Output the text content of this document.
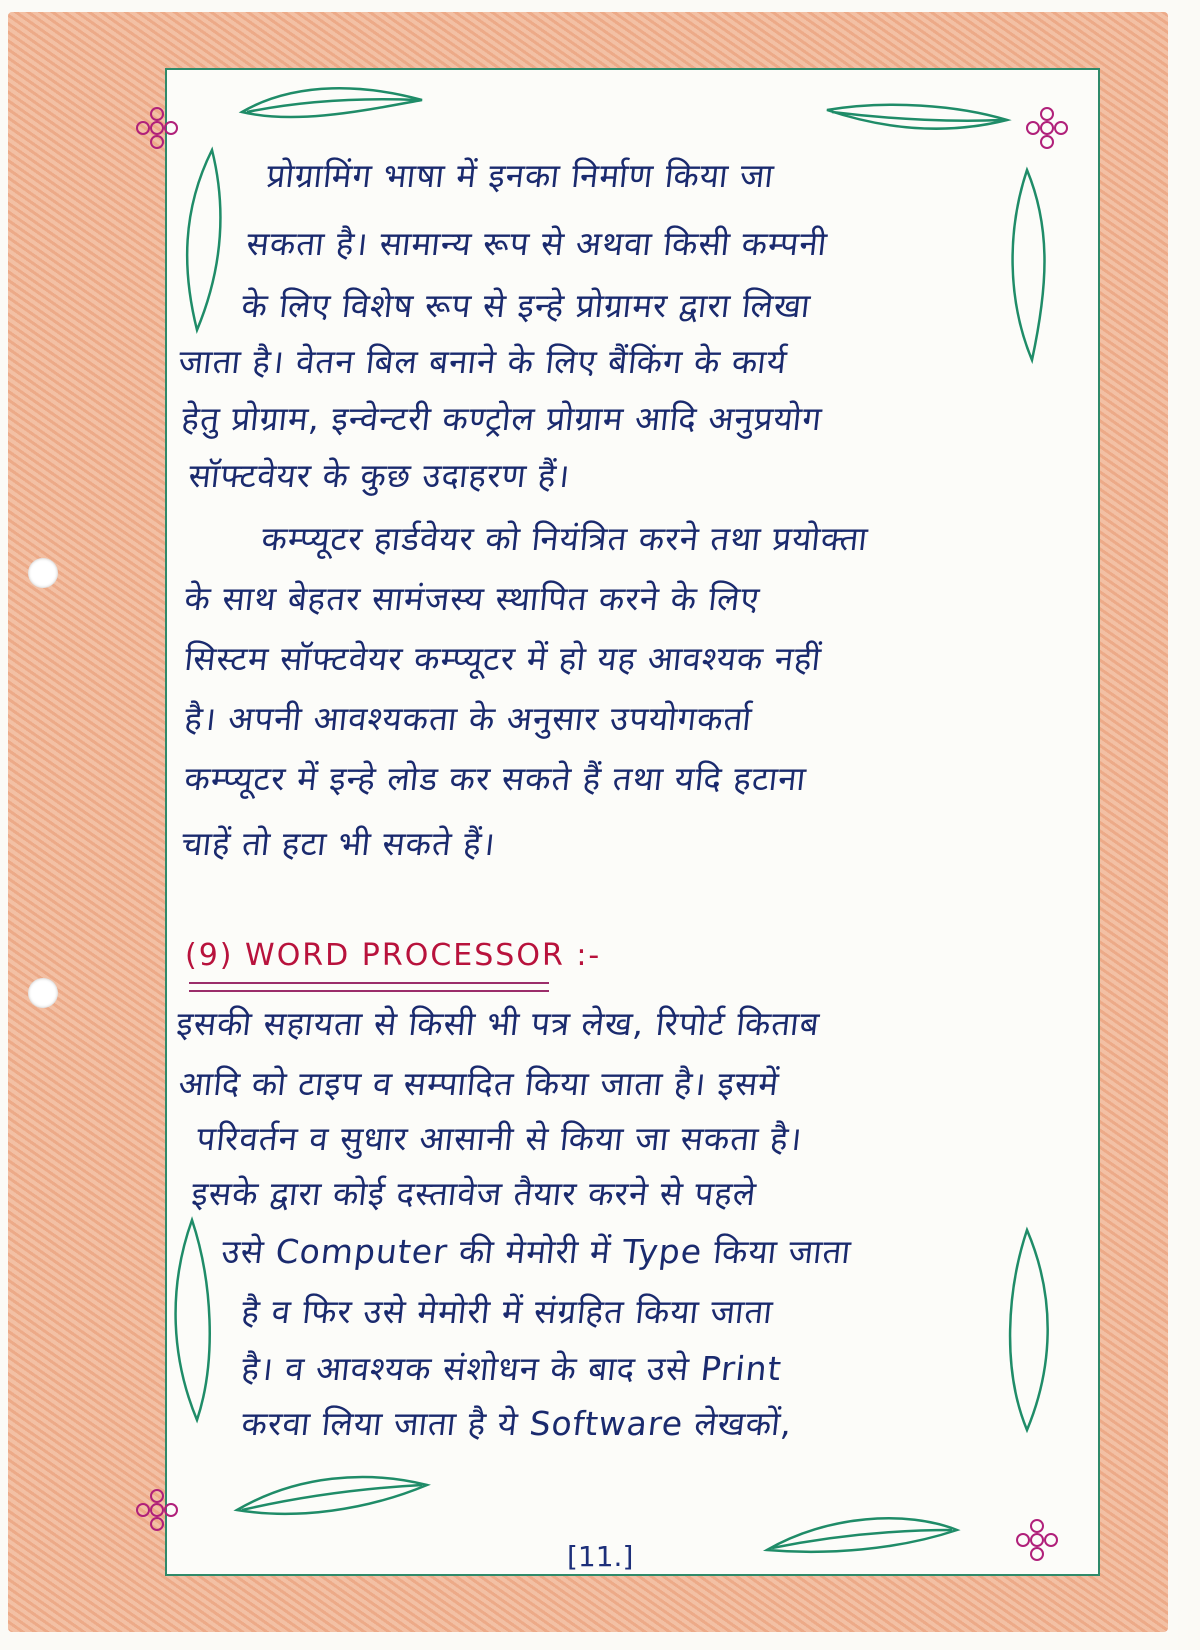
प्रोग्रामिंग भाषा में इनका निर्माण किया जा
सकता है। सामान्य रूप से अथवा किसी कम्पनी
के लिए विशेष रूप से इन्हे प्रोग्रामर द्वारा लिखा
जाता है। वेतन बिल बनाने के लिए बैंकिंग के कार्य
हेतु प्रोग्राम, इन्वेन्टरी कण्ट्रोल प्रोग्राम आदि अनुप्रयोग
सॉफ्टवेयर के कुछ उदाहरण हैं।
कम्प्यूटर हार्डवेयर को नियंत्रित करने तथा प्रयोक्ता
के साथ बेहतर सामंजस्य स्थापित करने के लिए
सिस्टम सॉफ्टवेयर कम्प्यूटर में हो यह आवश्यक नहीं
है। अपनी आवश्यकता के अनुसार उपयोगकर्ता
कम्प्यूटर में इन्हे लोड कर सकते हैं तथा यदि हटाना
चाहें तो हटा भी सकते हैं।
(9) WORD PROCESSOR :-
इसकी सहायता से किसी भी पत्र लेख, रिपोर्ट किताब
आदि को टाइप व सम्पादित किया जाता है। इसमें
परिवर्तन व सुधार आसानी से किया जा सकता है।
इसके द्वारा कोई दस्तावेज तैयार करने से पहले
उसे Computer की मेमोरी में Type किया जाता
है व फिर उसे मेमोरी में संग्रहित किया जाता
है। व आवश्यक संशोधन के बाद उसे Print
करवा लिया जाता है ये Software लेखकों,
[11.]
